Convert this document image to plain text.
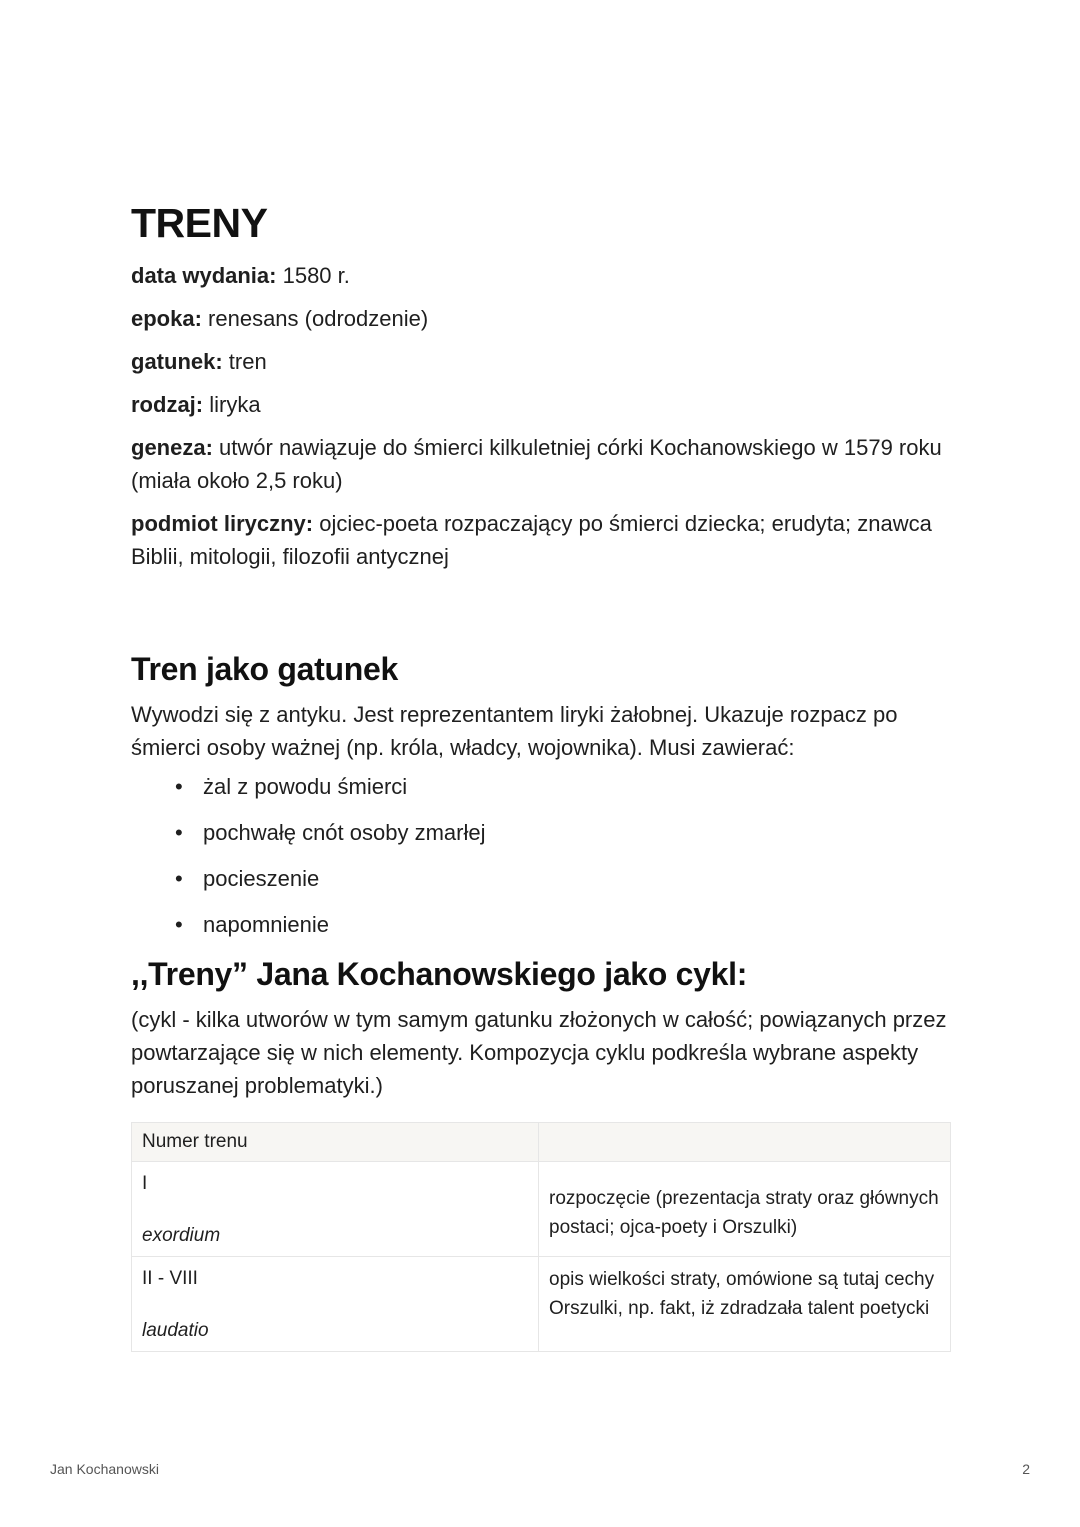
TRENY

data wydania: 1580 r.

epoka: renesans (odrodzenie)

gatunek: tren

rodzaj: liryka

geneza: utwór nawiązuje do śmierci kilkuletniej córki Kochanowskiego w 1579 roku (miała około 2,5 roku)

podmiot liryczny: ojciec-poeta rozpaczający po śmierci dziecka; erudyta; znawca Biblii, mitologii, filozofii antycznej

Tren jako gatunek

Wywodzi się z antyku. Jest reprezentantem liryki żałobnej. Ukazuje rozpacz po śmierci osoby ważnej (np. króla, władcy, wojownika). Musi zawierać:

• żal z powodu śmierci
• pochwałę cnót osoby zmarłej
• pocieszenie
• napomnienie
,,Treny” Jana Kochanowskiego jako cykl:

(cykl - kilka utworów w tym samym gatunku złożonych w całość; powiązanych przez powtarzające się w nich elementy. Kompozycja cyklu podkreśla wybrane aspekty poruszanej problematyki.)

Numer trenu	

I
exordium	rozpoczęcie (prezentacja straty oraz głównych postaci; ojca-poety i Orszulki)

II - VIII
laudatio	opis wielkości straty, omówione są tutaj cechy Orszulki, np. fakt, iż zdradzała talent poetycki
Jan Kochanowski	2
